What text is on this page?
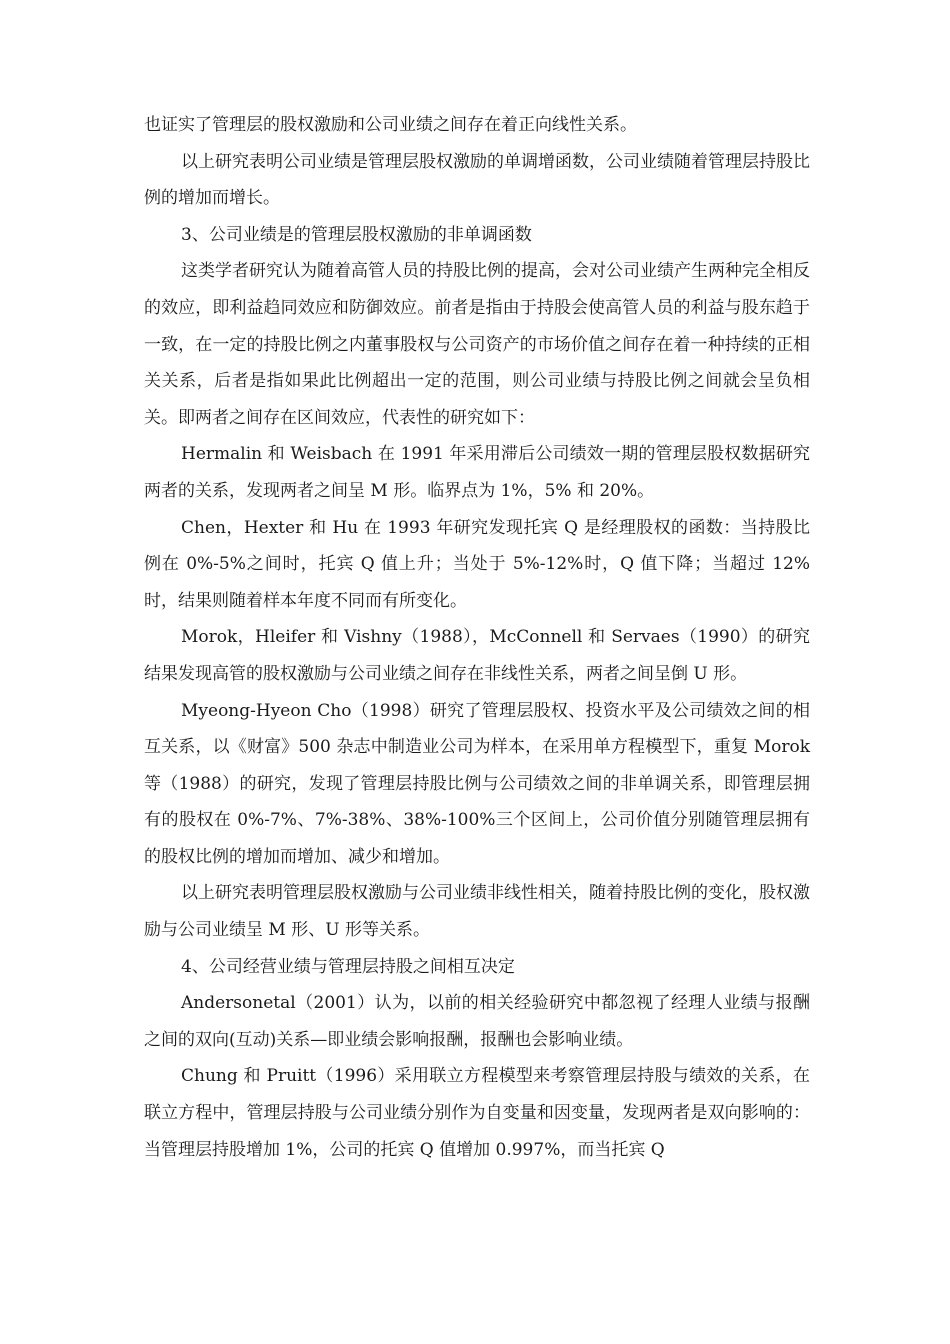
也证实了管理层的股权激励和公司业绩之间存在着正向线性关系。

以上研究表明公司业绩是管理层股权激励的单调增函数，公司业绩随着管理层持股比例的增加而增长。

3、公司业绩是的管理层股权激励的非单调函数

这类学者研究认为随着高管人员的持股比例的提高，会对公司业绩产生两种完全相反的效应，即利益趋同效应和防御效应。前者是指由于持股会使高管人员的利益与股东趋于一致，在一定的持股比例之内董事股权与公司资产的市场价值之间存在着一种持续的正相关关系，后者是指如果此比例超出一定的范围，则公司业绩与持股比例之间就会呈负相关。即两者之间存在区间效应，代表性的研究如下：

Hermalin 和 Weisbach 在 1991 年采用滞后公司绩效一期的管理层股权数据研究两者的关系，发现两者之间呈 M 形。临界点为 1%，5% 和 20%。

Chen，Hexter 和 Hu 在 1993 年研究发现托宾 Q 是经理股权的函数：当持股比例在 0%-5%之间时，托宾 Q 值上升；当处于 5%-12%时，Q 值下降；当超过 12%时，结果则随着样本年度不同而有所变化。

Morok，Hleifer 和 Vishny（1988），McConnell 和 Servaes（1990）的研究结果发现高管的股权激励与公司业绩之间存在非线性关系，两者之间呈倒 U 形。

Myeong-Hyeon Cho（1998）研究了管理层股权、投资水平及公司绩效之间的相互关系，以《财富》500 杂志中制造业公司为样本，在采用单方程模型下，重复 Morok 等（1988）的研究，发现了管理层持股比例与公司绩效之间的非单调关系，即管理层拥有的股权在 0%-7%、7%-38%、38%-100%三个区间上，公司价值分别随管理层拥有的股权比例的增加而增加、减少和增加。

以上研究表明管理层股权激励与公司业绩非线性相关，随着持股比例的变化，股权激励与公司业绩呈 M 形、U 形等关系。

4、公司经营业绩与管理层持股之间相互决定

Andersonetal（2001）认为，以前的相关经验研究中都忽视了经理人业绩与报酬之间的双向(互动)关系—即业绩会影响报酬，报酬也会影响业绩。

Chung 和 Pruitt（1996）采用联立方程模型来考察管理层持股与绩效的关系，在联立方程中，管理层持股与公司业绩分别作为自变量和因变量，发现两者是双向影响的：当管理层持股增加 1%，公司的托宾 Q 值增加 0.997%，而当托宾 Q
